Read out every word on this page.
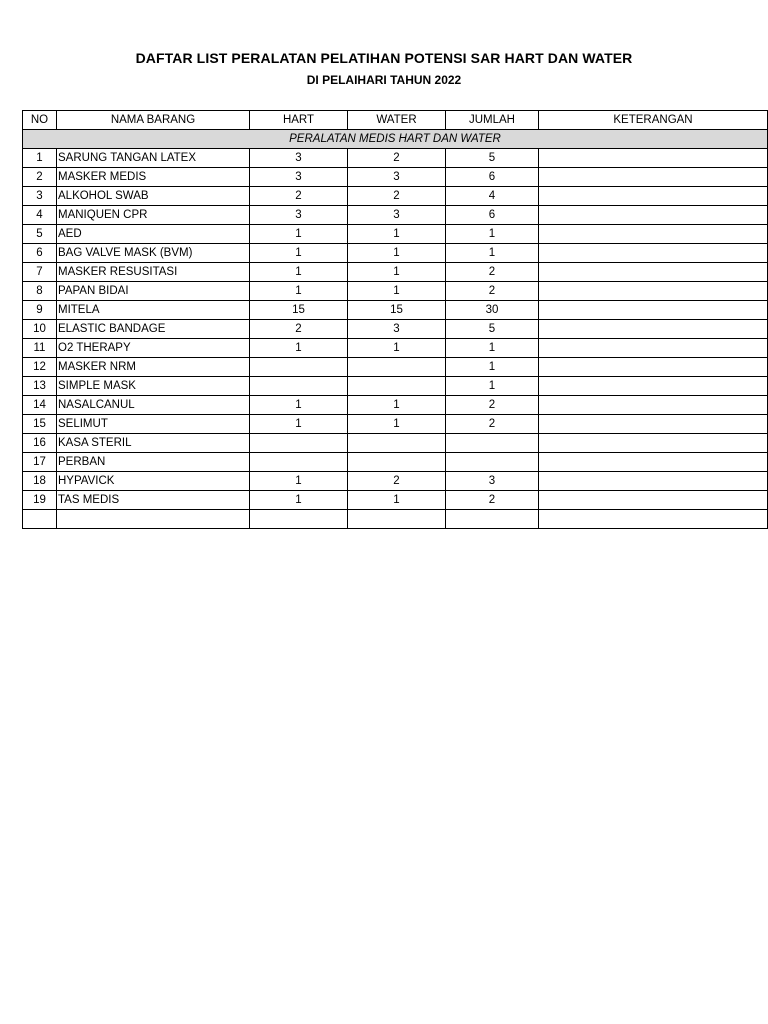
DAFTAR LIST PERALATAN PELATIHAN POTENSI SAR HART DAN WATER
DI PELAIHARI TAHUN 2022
NO	NAMA BARANG	HART	WATER	JUMLAH	KETERANGAN
PERALATAN MEDIS HART DAN WATER					
1	SARUNG TANGAN LATEX	3	2	5	
2	MASKER MEDIS	3	3	6	
3	ALKOHOL SWAB	2	2	4	
4	MANIQUEN CPR	3	3	6	
5	AED	1	1	1	
6	BAG VALVE MASK (BVM)	1	1	1	
7	MASKER RESUSITASI	1	1	2	
8	PAPAN BIDAI	1	1	2	
9	MITELA	15	15	30	
10	ELASTIC BANDAGE	2	3	5	
11	O2 THERAPY	1	1	1	
12	MASKER NRM			1	
13	SIMPLE MASK			1	
14	NASALCANUL	1	1	2	
15	SELIMUT	1	1	2	
16	KASA STERIL				
17	PERBAN				
18	HYPAVICK	1	2	3	
19	TAS MEDIS	1	1	2	
